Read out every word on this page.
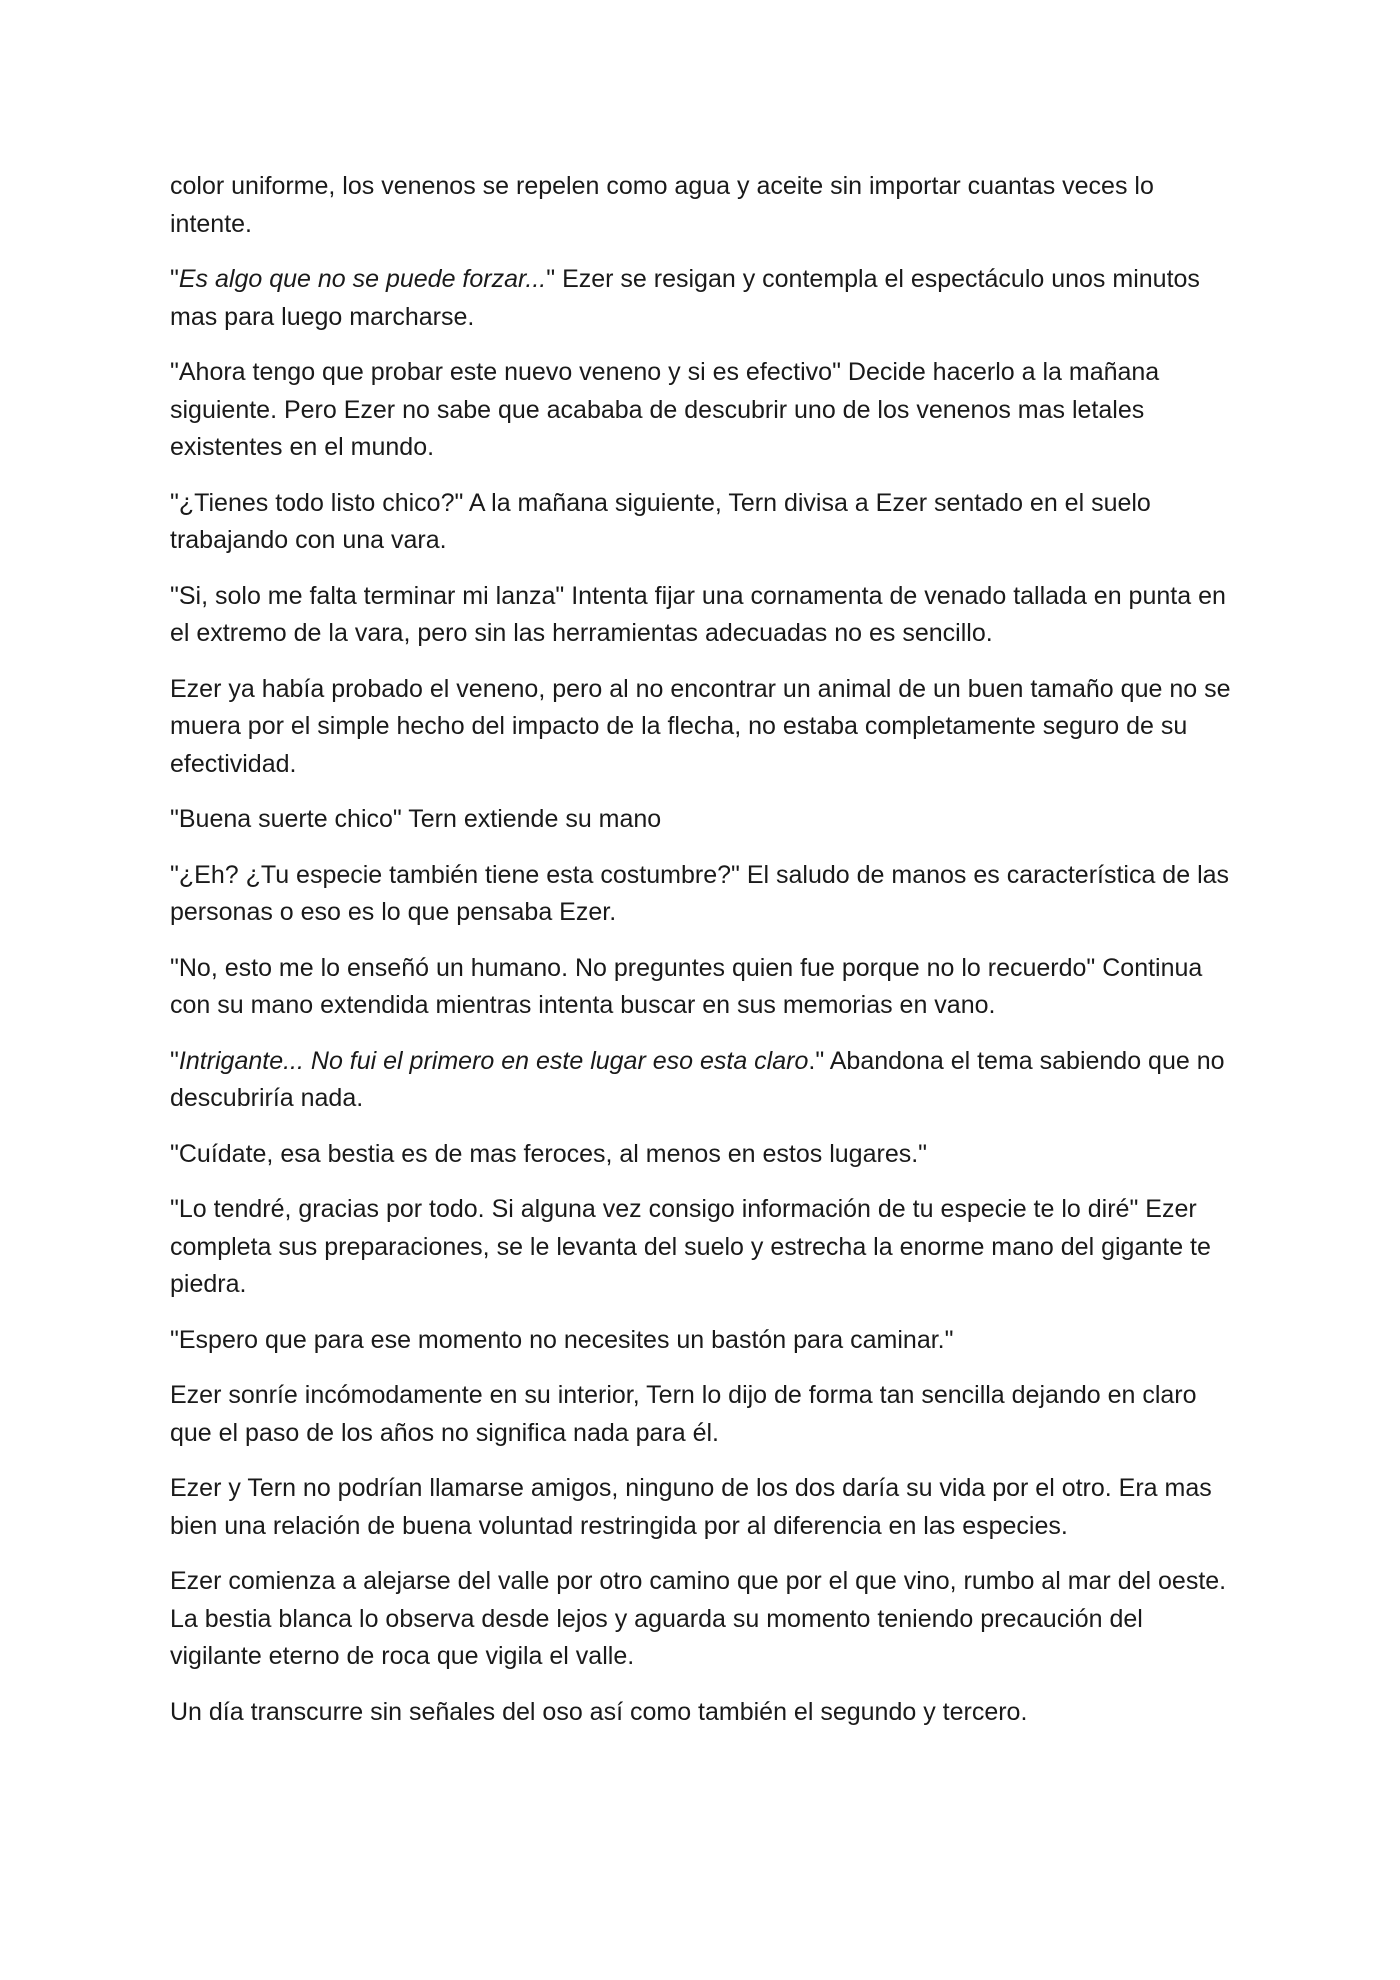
color uniforme, los venenos se repelen como agua y aceite sin importar cuantas veces lo intente.

"Es algo que no se puede forzar..." Ezer se resigan y contempla el espectáculo unos minutos mas para luego marcharse.

"Ahora tengo que probar este nuevo veneno y si es efectivo" Decide hacerlo a la mañana siguiente. Pero Ezer no sabe que acababa de descubrir uno de los venenos mas letales existentes en el mundo.

"¿Tienes todo listo chico?" A la mañana siguiente, Tern divisa a Ezer sentado en el suelo trabajando con una vara.

"Si, solo me falta terminar mi lanza" Intenta fijar una cornamenta de venado tallada en punta en el extremo de la vara, pero sin las herramientas adecuadas no es sencillo.

Ezer ya había probado el veneno, pero al no encontrar un animal de un buen tamaño que no se muera por el simple hecho del impacto de la flecha, no estaba completamente seguro de su efectividad.

"Buena suerte chico" Tern extiende su mano

"¿Eh? ¿Tu especie también tiene esta costumbre?" El saludo de manos es característica de las personas o eso es lo que pensaba Ezer.

"No, esto me lo enseñó un humano. No preguntes quien fue porque no lo recuerdo" Continua con su mano extendida mientras intenta buscar en sus memorias en vano.

"Intrigante... No fui el primero en este lugar eso esta claro." Abandona el tema sabiendo que no descubriría nada.

"Cuídate, esa bestia es de mas feroces, al menos en estos lugares."

"Lo tendré, gracias por todo. Si alguna vez consigo información de tu especie te lo diré" Ezer completa sus preparaciones, se le levanta del suelo y estrecha la enorme mano del gigante te piedra.

"Espero que para ese momento no necesites un bastón para caminar."

Ezer sonríe incómodamente en su interior, Tern lo dijo de forma tan sencilla dejando en claro que el paso de los años no significa nada para él.

Ezer y Tern no podrían llamarse amigos, ninguno de los dos daría su vida por el otro. Era mas bien una relación de buena voluntad restringida por al diferencia en las especies.

Ezer comienza a alejarse del valle por otro camino que por el que vino, rumbo al mar del oeste. La bestia blanca lo observa desde lejos y aguarda su momento teniendo precaución del vigilante eterno de roca que vigila el valle.

Un día transcurre sin señales del oso así como también el segundo y tercero.
